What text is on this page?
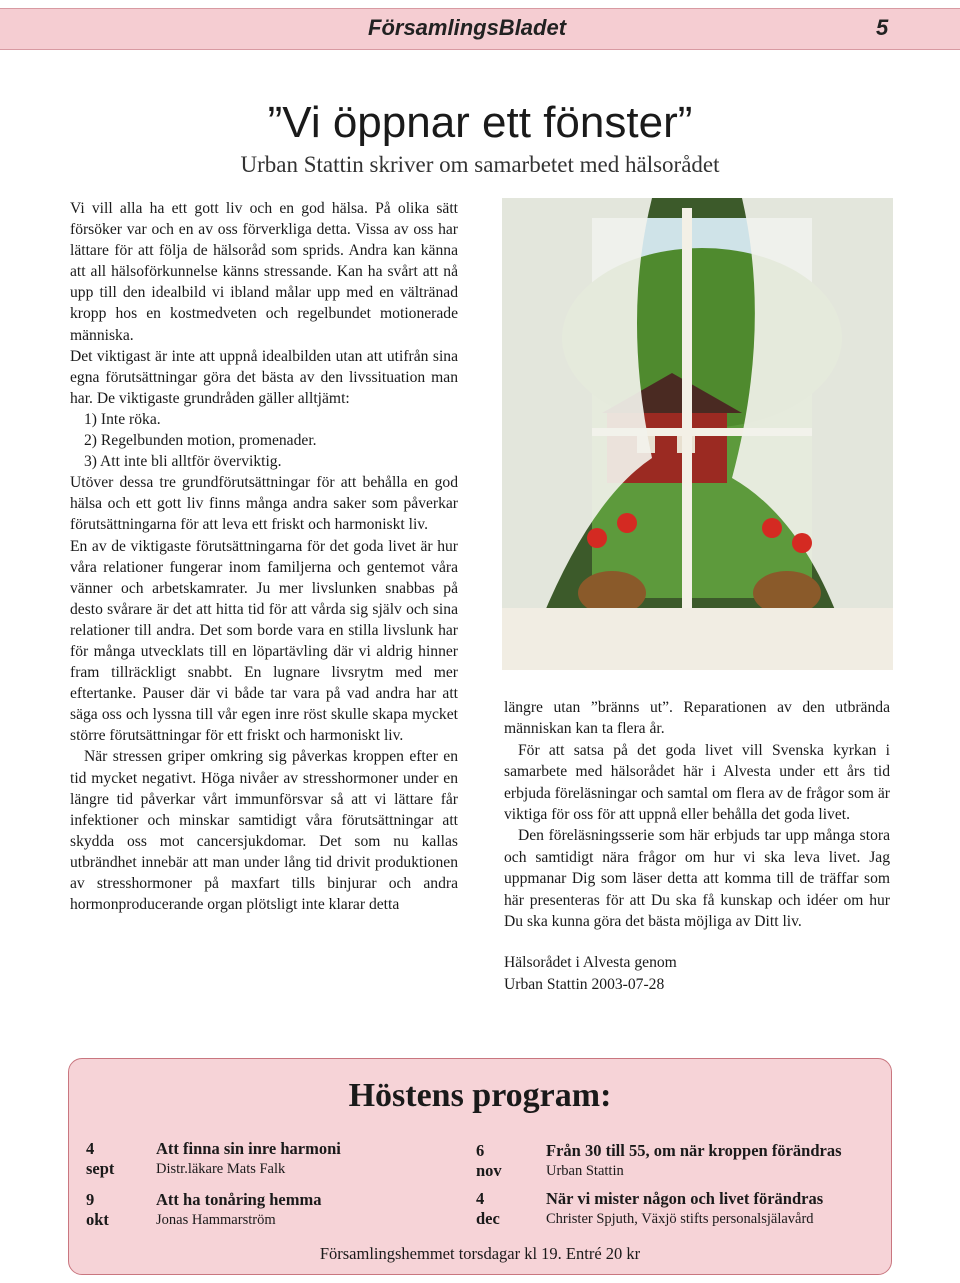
FörsamlingsBladet	5
”Vi öppnar ett fönster”
Urban Stattin skriver om samarbetet med hälsorådet

Vi vill alla ha ett gott liv och en god hälsa. På olika sätt försöker var och en av oss förverkliga detta. Vissa av oss har lättare för att följa de hälsoråd som sprids. Andra kan känna att all hälsoförkunnelse känns stressande. Kan ha svårt att nå upp till den idealbild vi ibland målar upp med en vältränad kropp hos en kostmedveten och regelbundet motionerade människa.

Det viktigast är inte att uppnå idealbilden utan att utifrån sina egna förutsättningar göra det bästa av den livssituation man har. De viktigaste grundråden gäller alltjämt:

1) Inte röka.
2) Regelbunden motion, promenader.
3) Att inte bli alltför överviktig.

Utöver dessa tre grundförutsättningar för att behålla en god hälsa och ett gott liv finns många andra saker som påverkar förutsättningarna för att leva ett friskt och harmoniskt liv.

En av de viktigaste förutsättningarna för det goda livet är hur våra relationer fungerar inom familjerna och gentemot våra vänner och arbetskamrater. Ju mer livslunken snabbas på desto svårare är det att hitta tid för att vårda sig själv och sina relationer till andra. Det som borde vara en stilla livslunk har för många utvecklats till en löpartävling där vi aldrig hinner fram tillräckligt snabbt. En lugnare livsrytm med mer eftertanke. Pauser där vi både tar vara på vad andra har att säga oss och lyssna till vår egen inre röst skulle skapa mycket större förutsättningar för ett friskt och harmoniskt liv.

När stressen griper omkring sig påverkas kroppen efter en tid mycket negativt. Höga nivåer av stresshormoner under en längre tid påverkar vårt immunförsvar så att vi lättare får infektioner och minskar samtidigt våra förutsättningar att skydda oss mot cancersjukdomar. Det som nu kallas utbrändhet innebär att man under lång tid drivit produktionen av stresshormoner på maxfart tills binjurar och andra hormonproducerande organ plötsligt inte klarar detta

längre utan ”bränns ut”. Reparationen av den utbrända människan kan ta flera år.

För att satsa på det goda livet vill Svenska kyrkan i samarbete med hälsorådet här i Alvesta under ett års tid erbjuda föreläsningar och samtal om flera av de frågor som är viktiga för oss för att uppnå eller behålla det goda livet.

Den föreläsningsserie som här erbjuds tar upp många stora och samtidigt nära frågor om hur vi ska leva livet. Jag uppmanar Dig som läser detta att komma till de träffar som här presenteras för att Du ska få kunskap och idéer om hur Du ska kunna göra det bästa möjliga av Ditt liv.

Hälsorådet i Alvesta genom
Urban Stattin 2003-07-28
Höstens program:
4 sept
Att finna sin inre harmoni
Distr.läkare Mats Falk
9 okt
Att ha tonåring hemma
Jonas Hammarström
6 nov
Från 30 till 55, om när kroppen förändras
Urban Stattin
4 dec
När vi mister någon och livet förändras
Christer Spjuth, Växjö stifts personalsjälavård
Församlingshemmet torsdagar kl 19. Entré 20 kr
